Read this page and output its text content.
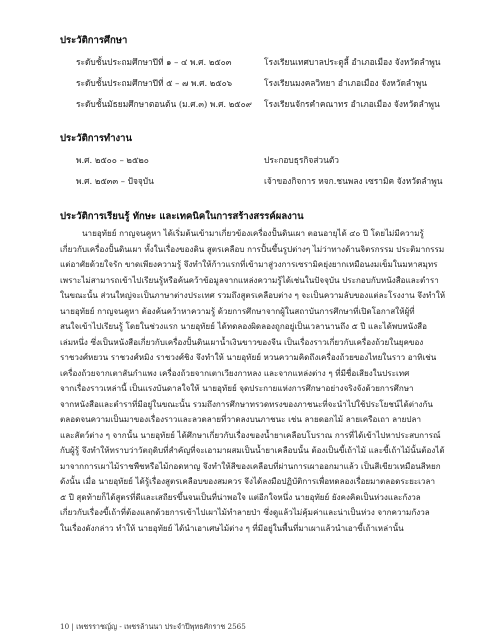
ประวัติการศึกษา
ระดับชั้นประถมศึกษาปีที่ ๑ – ๔ พ.ศ. ๒๕๐๓	โรงเรียนเทศบาลประตูลี้ อำเภอเมือง จังหวัดลำพูน
ระดับชั้นประถมศึกษาปีที่ ๕ – ๗ พ.ศ. ๒๕๐๖	โรงเรียนมงคลวิทยา อำเภอเมือง จังหวัดลำพูน
ระดับชั้นมัธยมศึกษาตอนต้น (ม.ศ.๓) พ.ศ. ๒๕๐๙ โรงเรียนจักรคำคณาทร อำเภอเมือง จังหวัดลำพูน
ประวัติการทำงาน
พ.ศ. ๒๕๐๐ – ๒๕๒๐	ประกอบธุรกิจส่วนตัว
พ.ศ. ๒๕๓๓ – ปัจจุบัน	เจ้าของกิจการ หจก.ชนพลง เซรามิค จังหวัดลำพูน
ประวัติการเรียนรู้ ทักษะ และเทคนิคในการสร้างสรรค์ผลงาน
นายอุทัยย์ กาญจนคูหา ได้เริ่มต้นเข้ามาเกี่ยวข้องเครื่องปั้นดินเผา ตอนอายุได้ ๔๐ ปี โดยไม่มีความรู้
เกี่ยวกับเครื่องปั้นดินเผา ทั้งในเรื่องของดิน สูตรเคลือบ การปั้นขึ้นรูปต่างๆ ไม่ว่าทางด้านจิตรกรรม ประติมากรรม
แต่อาศัยด้วยใจรัก ขาดเพียงความรู้ จึงทำให้ก้าวแรกที่เข้ามาสู่วงการเซรามิคยุ่งยากเหมือนงมเข็มในมหาสมุทร
เพราะไม่สามารถเข้าไปเรียนรู้หรือค้นคว้าข้อมูลจากแหล่งความรู้ได้เช่นในปัจจุบัน ประกอบกับหนังสือและตำรา
ในขณะนั้น ส่วนใหญ่จะเป็นภาษาต่างประเทศ รวมถึงสูตรเคลือบต่าง ๆ จะเป็นความลับของแต่ละโรงงาน จึงทำให้
นายอุทัยย์ กาญจนคูหา ต้องค้นคว้าหาความรู้ ด้วยการศึกษาจากผู้ในสถาบันการศึกษาที่เปิดโอกาสให้ผู้ที่
สนใจเข้าไปเรียนรู้ โดยในช่วงแรก นายอุทัยย์ ได้ทดลองผิดลองถูกอยู่เป็นเวลานานถึง ๕ ปี และได้พบหนังสือ
เล่มหนึ่ง ซึ่งเป็นหนังสือเกี่ยวกับเครื่องปั้นดินเผาน้ำเงินขาวของจีน เป็นเรื่องราวเกี่ยวกับเครื่องถ้วยในยุคของ
ราชวงศ์หยวน ราชวงศ์หมิง ราชวงศ์ชิง จึงทำให้ นายอุทัยย์ หวนความคิดถึงเครื่องถ้วยของไทยในราว อาทิเช่น
เครื่องถ้วยจากเตาสันกำแพง เครื่องถ้วยจากเตาเวียงกาหลง และจากแหล่งต่าง ๆ ที่มีชื่อเสียงในประเทศ
จากเรื่องราวเหล่านี้ เป็นแรงบันดาลใจให้ นายอุทัยย์ จุดประกายแห่งการศึกษาอย่างจริงจังด้วยการศึกษา
จากหนังสือและตำราที่มีอยู่ในขณะนั้น รวมถึงการศึกษาทรวดทรงของภาชนะที่จะนำไปใช้ประโยชน์ได้ต่างกัน
ตลอดจนความเป็นมาของเรื่องราวและลวดลายที่วาดลงบนภาชนะ เช่น ลายดอกไม้ ลายเครือเถา ลายปลา
และสัตว์ต่าง ๆ จากนั้น นายอุทัยย์ ได้ศึกษาเกี่ยวกับเรื่องของน้ำยาเคลือบโบราณ การที่ได้เข้าไปหาประสบการณ์
กับผู้รู้ จึงทำให้ทราบว่าวัตถุดิบที่สำคัญที่จะเอามาผสมเป็นน้ำยาเคลือบนั้น ต้องเป็นขี้เถ้าไม้ และขี้เถ้าไม้นั้นต้องได้
มาจากการเผาไม้ราชพืชหรือไม้กอดหาญ จึงทำให้สีของเคลือบที่ผ่านการเผาออกมาแล้ว เป็นสีเขียวเหมือนสีหยก
ดังนั้น เมื่อ นายอุทัยย์ ได้รู้เรื่องสูตรเคลือบของสมควร จึงได้ลงมือปฏิบัติการเพื่อทดลองเรื่อยมาตลอดระยะเวลา
๕ ปี สุดท้ายก็ได้สูตรที่ดีและเสถียรขึ้นจนเป็นที่น่าพอใจ แต่อีกใจหนึ่ง นายอุทัยย์ ยังคงคิดเป็นห่วงและกังวล
เกี่ยวกับเรื่องขี้เถ้าที่ต้องแลกด้วยการเข้าไปเผาไม้ทำลายป่า ซึ่งดูแล้วไม่คุ้มค่าและน่าเป็นห่วง จากความกังวล
ในเรื่องดังกล่าว ทำให้ นายอุทัยย์ ได้นำเอาเศษไม้ต่าง ๆ ที่มีอยู่ในพื้นที่มาเผาแล้วนำเอาขี้เถ้าเหล่านั้น
10 | เพชรราชญ์ญ - เพชรล้านนา ประจำปีพุทธศักราช 2565
